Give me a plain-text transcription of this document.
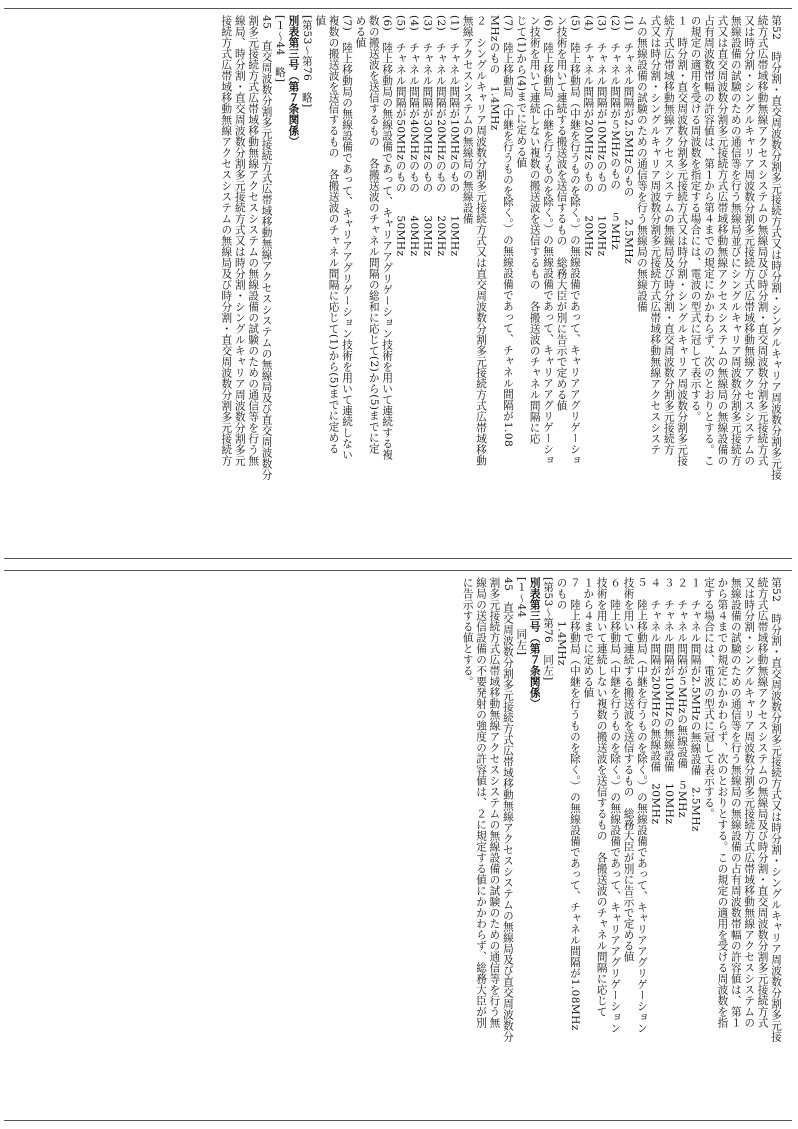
第52　時分割・直交周波数分割多元接続方式又は時分割・シングルキャリア周波数分割多元接
続方式広帯域移動無線アクセスシステムの無線局及び時分割・直交周波数分割多元接続方式
又は時分割・シングルキャリア周波数分割多元接続方式広帯域移動無線アクセスシステムの
無線設備の試験のための通信等を行う無線局並びにシングルキャリア周波数分割多元接続方
式又は直交周波数分割多元接続方式広帯域移動無線アクセスシステムの無線局の無線設備の
占有周波数帯幅の許容値は、第１から第４までの規定にかかわらず、次のとおりとする。こ
の規定の適用を受ける周波数を指定する場合には、電波の型式に冠して表示する。
１　時分割・直交周波数分割多元接続方式又は時分割・シングルキャリア周波数分割多元接
続方式広帯域移動無線アクセスシステムの無線局及び時分割・直交周波数分割多元接続方
式又は時分割・シングルキャリア周波数分割多元接続方式広帯域移動無線アクセスシステ
ムの無線設備の試験のための通信等を行う無線局の無線設備
(1)　チャネル間隔が2.5MHzのもの　　2.5MHz
(2)　チャネル間隔が５MHzのもの　　５MHz
(3)　チャネル間隔が10MHzのもの　　10MHz
(4)　チャネル間隔が20MHzのもの　　20MHz
(5)　陸上移動局（中継を行うものを除く。）の無線設備であって、キャリアアグリゲーショ
ン技術を用いて連続する搬送波を送信するもの　総務大臣が別に告示で定める値
(6)　陸上移動局（中継を行うものを除く。）の無線設備であって、キャリアアグリゲーショ
ン技術を用いて連続しない複数の搬送波を送信するもの　各搬送波のチャネル間隔に応
じて(1)から(4)までに定める値
(7)　陸上移動局（中継を行うものを除く。）の無線設備であって、チャネル間隔が1.08
MHzのもの　1.4MHz
２　シングルキャリア周波数分割多元接続方式又は直交周波数分割多元接続方式広帯域移動
無線アクセスシステムの無線局の無線設備
(1)　チャネル間隔が10MHzのもの　　10MHz
(2)　チャネル間隔が20MHzのもの　　20MHz
(3)　チャネル間隔が30MHzのもの　　30MHz
(4)　チャネル間隔が40MHzのもの　　40MHz
(5)　チャネル間隔が50MHzのもの　　50MHz
(6)　陸上移動局の無線設備であって、キャリアアグリゲーション技術を用いて連続する複
数の搬送波を送信するもの　各搬送波のチャネル間隔の総和に応じて(2)から(5)までに定
める値
(7)　陸上移動局の無線設備であって、キャリアアグリゲーション技術を用いて連続しない
複数の搬送波を送信するもの　各搬送波のチャネル間隔に応じて(1)から(5)までに定める
値
[第53～第76　略]
別表第三号（第７条関係）
[１～44　略]
45　直交周波数分割多元接続方式広帯域移動無線アクセスシステムの無線局及び直交周波数分
割多元接続方式広帯域移動無線アクセスシステムの無線設備の試験のための通信等を行う無
線局、時分割・直交周波数分割多元接続方式又は時分割・シングルキャリア周波数分割多元
接続方式広帯域移動無線アクセスシステムの無線局及び時分割・直交周波数分割多元接続方
第52　時分割・直交周波数分割多元接続方式又は時分割・シングルキャリア周波数分割多元接
続方式広帯域移動無線アクセスシステムの無線局及び時分割・直交周波数分割多元接続方式
又は時分割・シングルキャリア周波数分割多元接続方式広帯域移動無線アクセスシステムの
無線設備の試験のための通信等を行う無線局の無線設備の占有周波数帯幅の許容値は、第１
から第４までの規定にかかわらず、次のとおりとする。この規定の適用を受ける周波数を指
定する場合には、電波の型式に冠して表示する。
１　チャネル間隔が2.5MHzの無線設備　2.5MHz
２　チャネル間隔が５MHzの無線設備　５MHz
３　チャネル間隔が10MHzの無線設備　10MHz
４　チャネル間隔が20MHzの無線設備　20MHz
５　陸上移動局（中継を行うものを除く。）の無線設備であって、キャリアアグリゲーション
技術を用いて連続する搬送波を送信するもの　総務大臣が別に告示で定める値
６　陸上移動局（中継を行うものを除く。）の無線設備であって、キャリアアグリゲーション
技術を用いて連続しない複数の搬送波を送信するもの　各搬送波のチャネル間隔に応じて
１から４までに定める値
７　陸上移動局（中継を行うものを除く。）の無線設備であって、チャネル間隔が1.08MHz
のもの　1.4MHz
[第53～第76　同左]
別表第三号（第７条関係）
[１～44　同左]
45　直交周波数分割多元接続方式広帯域移動無線アクセスシステムの無線局及び直交周波数分
割多元接続方式広帯域移動無線アクセスシステムの無線設備の試験のための通信等を行う無
線局の送信設備の不要発射の強度の許容値は、２に規定する値にかかわらず、総務大臣が別
に告示する値とする。
